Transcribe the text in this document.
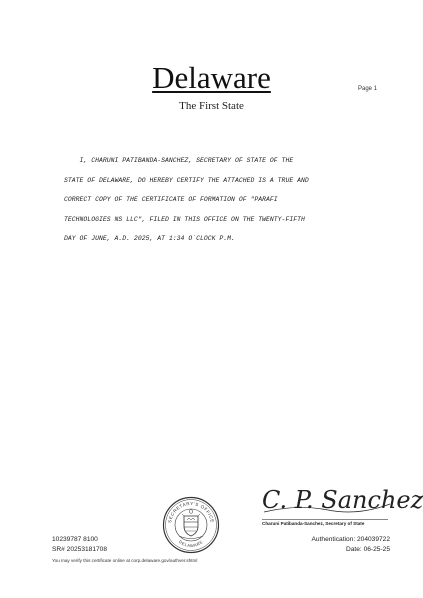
Delaware
The First State
Page 1
I, CHARUNI PATIBANDA-SANCHEZ, SECRETARY OF STATE OF THE
STATE OF DELAWARE, DO HEREBY CERTIFY THE ATTACHED IS A TRUE AND
CORRECT COPY OF THE CERTIFICATE OF FORMATION OF "PARAFI
TECHNOLOGIES NS LLC", FILED IN THIS OFFICE ON THE TWENTY-FIFTH
DAY OF JUNE, A.D. 2025, AT 1:34 O`CLOCK P.M.
SECRETARY'S OFFICE
DELAWARE
C. P. Sanchez
Charuni Patibanda-Sanchez, Secretary of State
10239787 8100
SR# 20253181708
You may verify this certificate online at corp.delaware.gov/authver.shtml
Authentication: 204039722
Date: 06-25-25
